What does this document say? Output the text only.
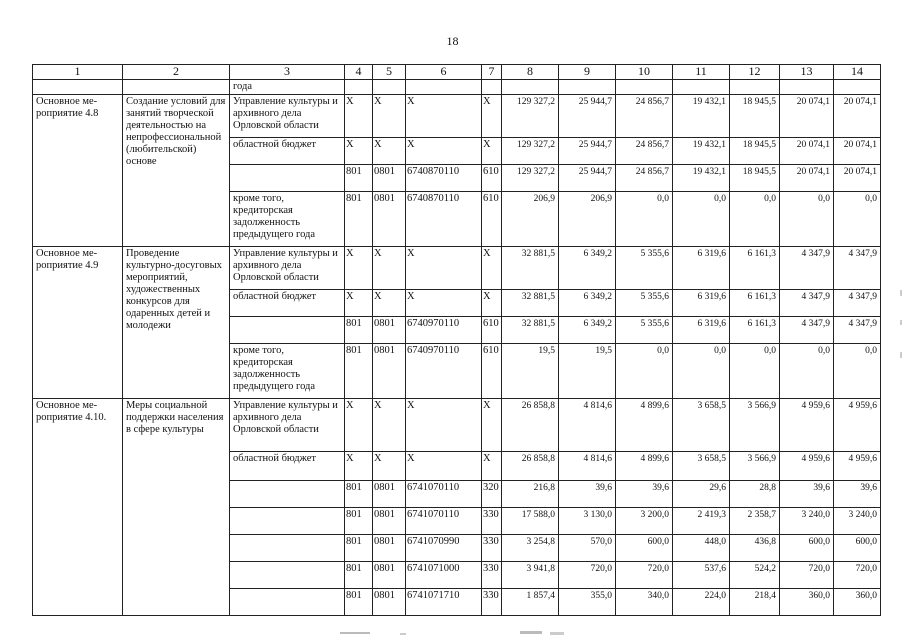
18
1	2	3	4	5	6	7	8	9	10	11	12	13	14
		года											
Основное ме-роприятие 4.8	Создание условий для занятий творческой деятельностью на непрофессиональной (любительской) основе	Управление культуры и архивного дела Орловской области	X	X	X	X	129 327,2	25 944,7	24 856,7	19 432,1	18 945,5	20 074,1	20 074,1
		областной бюджет	X	X	X	X	129 327,2	25 944,7	24 856,7	19 432,1	18 945,5	20 074,1	20 074,1
			801	0801	6740870110	610	129 327,2	25 944,7	24 856,7	19 432,1	18 945,5	20 074,1	20 074,1
		кроме того, кредиторская задолженность предыдущего года	801	0801	6740870110	610	206,9	206,9	0,0	0,0	0,0	0,0	0,0
Основное ме-роприятие 4.9	Проведение культурно-досуговых мероприятий, художественных конкурсов для одаренных детей и молодежи	Управление культуры и архивного дела Орловской области	X	X	X	X	32 881,5	6 349,2	5 355,6	6 319,6	6 161,3	4 347,9	4 347,9
		областной бюджет	X	X	X	X	32 881,5	6 349,2	5 355,6	6 319,6	6 161,3	4 347,9	4 347,9
			801	0801	6740970110	610	32 881,5	6 349,2	5 355,6	6 319,6	6 161,3	4 347,9	4 347,9
		кроме того, кредиторская задолженность предыдущего года	801	0801	6740970110	610	19,5	19,5	0,0	0,0	0,0	0,0	0,0
Основное ме-роприятие 4.10.	Меры социальной поддержки населения в сфере культуры	Управление культуры и архивного дела Орловской области	X	X	X	X	26 858,8	4 814,6	4 899,6	3 658,5	3 566,9	4 959,6	4 959,6
		областной бюджет	X	X	X	X	26 858,8	4 814,6	4 899,6	3 658,5	3 566,9	4 959,6	4 959,6
			801	0801	6741070110	320	216,8	39,6	39,6	29,6	28,8	39,6	39,6
			801	0801	6741070110	330	17 588,0	3 130,0	3 200,0	2 419,3	2 358,7	3 240,0	3 240,0
			801	0801	6741070990	330	3 254,8	570,0	600,0	448,0	436,8	600,0	600,0
			801	0801	6741071000	330	3 941,8	720,0	720,0	537,6	524,2	720,0	720,0
			801	0801	6741071710	330	1 857,4	355,0	340,0	224,0	218,4	360,0	360,0
